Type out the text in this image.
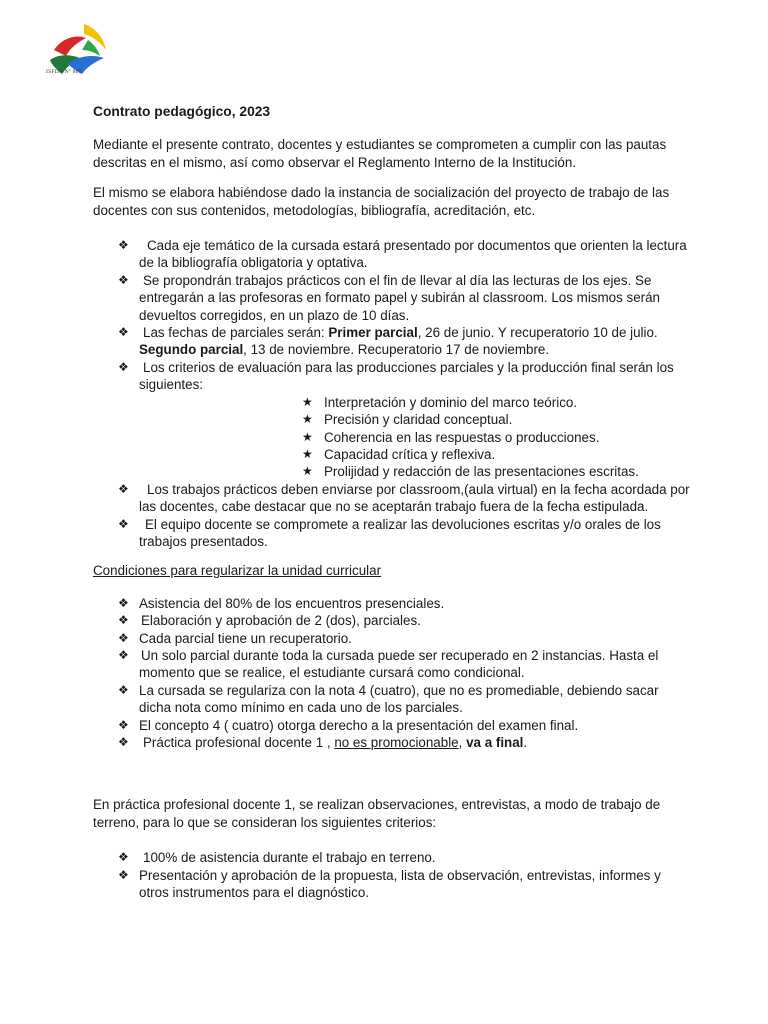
ISFDA Nº 805
Contrato pedagógico, 2023

Mediante el presente contrato, docentes y estudiantes se comprometen a cumplir con las pautas descritas en el mismo, así como observar el Reglamento Interno de la Institución.

El mismo se elabora habiéndose dado la instancia de socialización del proyecto de trabajo de las docentes con sus contenidos, metodologías, bibliografía, acreditación, etc.

❖ Cada eje temático de la cursada estará presentado por documentos que orienten la lectura de la bibliografía obligatoria y optativa.
❖ Se propondrán trabajos prácticos con el fin de llevar al día las lecturas de los ejes. Se entregarán a las profesoras en formato papel y subirán al classroom. Los mismos serán devueltos corregidos, en un plazo de 10 días.
❖ Las fechas de parciales serán: Primer parcial, 26 de junio. Y recuperatorio 10 de julio. Segundo parcial, 13 de noviembre. Recuperatorio 17 de noviembre.
❖ Los criterios de evaluación para las producciones parciales y la producción final serán los siguientes:
★ Interpretación y dominio del marco teórico.
★ Precisión y claridad conceptual.
★ Coherencia en las respuestas o producciones.
★ Capacidad crítica y reflexiva.
★ Prolijidad y redacción de las presentaciones escritas.
❖ Los trabajos prácticos deben enviarse por classroom,(aula virtual) en la fecha acordada por las docentes, cabe destacar que no se aceptarán trabajo fuera de la fecha estipulada.
❖ El equipo docente se compromete a realizar las devoluciones escritas y/o orales de los trabajos presentados.
Condiciones para regularizar la unidad curricular
❖ Asistencia del 80% de los encuentros presenciales.
❖ Elaboración y aprobación de 2 (dos), parciales.
❖ Cada parcial tiene un recuperatorio.
❖ Un solo parcial durante toda la cursada puede ser recuperado en 2 instancias. Hasta el momento que se realice, el estudiante cursará como condicional.
❖ La cursada se regulariza con la nota 4 (cuatro), que no es promediable, debiendo sacar dicha nota como mínimo en cada uno de los parciales.
❖ El concepto 4 ( cuatro) otorga derecho a la presentación del examen final.
❖ Práctica profesional docente 1 , no es promocionable, va a final.

En práctica profesional docente 1, se realizan observaciones, entrevistas, a modo de trabajo de terreno, para lo que se consideran los siguientes criterios:

❖ 100% de asistencia durante el trabajo en terreno.
❖ Presentación y aprobación de la propuesta, lista de observación, entrevistas, informes y otros instrumentos para el diagnóstico.
